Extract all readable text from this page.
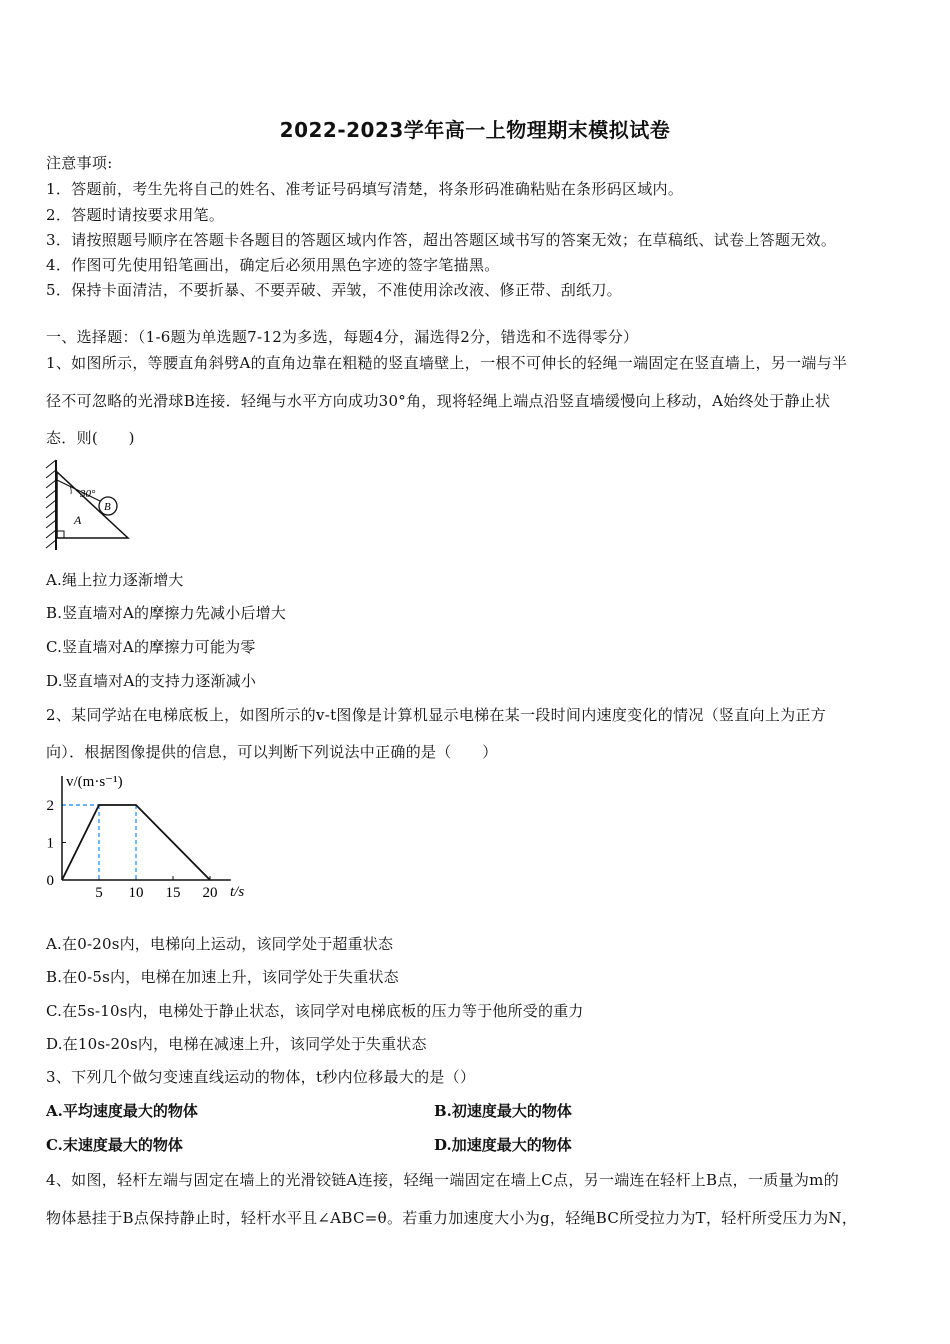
2022-2023学年高一上物理期末模拟试卷
注意事项:
1．答题前，考生先将自己的姓名、准考证号码填写清楚，将条形码准确粘贴在条形码区域内。
2．答题时请按要求用笔。
3．请按照题号顺序在答题卡各题目的答题区域内作答，超出答题区域书写的答案无效；在草稿纸、试卷上答题无效。
4．作图可先使用铅笔画出，确定后必须用黑色字迹的签字笔描黑。
5．保持卡面清洁，不要折暴、不要弄破、弄皱，不准使用涂改液、修正带、刮纸刀。
一、选择题：（1-6题为单选题7-12为多选，每题4分，漏选得2分，错选和不选得零分）
1、如图所示，等腰直角斜劈A的直角边靠在粗糙的竖直墙壁上，一根不可伸长的轻绳一端固定在竖直墙上，另一端与半
径不可忽略的光滑球B连接．轻绳与水平方向成功30°角，现将轻绳上端点沿竖直墙缓慢向上移动，A始终处于静止状
态．则(　　)
30°
B
A
A.绳上拉力逐渐增大
B.竖直墙对A的摩擦力先减小后增大
C.竖直墙对A的摩擦力可能为零
D.竖直墙对A的支持力逐渐减小
2、某同学站在电梯底板上，如图所示的v-t图像是计算机显示电梯在某一段时间内速度变化的情况（竖直向上为正方
向）．根据图像提供的信息，可以判断下列说法中正确的是（　　）
5 10 15 20
0
1
2
v/(m·s⁻¹)
t/s
A.在0-20s内，电梯向上运动，该同学处于超重状态
B.在0-5s内，电梯在加速上升，该同学处于失重状态
C.在5s-10s内，电梯处于静止状态，该同学对电梯底板的压力等于他所受的重力
D.在10s-20s内，电梯在减速上升，该同学处于失重状态
3、下列几个做匀变速直线运动的物体，t秒内位移最大的是（）
A.平均速度最大的物体	B.初速度最大的物体
C.末速度最大的物体	D.加速度最大的物体
4、如图，轻杆左端与固定在墙上的光滑铰链A连接，轻绳一端固定在墙上C点，另一端连在轻杆上B点，一质量为m的
物体悬挂于B点保持静止时，轻杆水平且∠ABC=θ。若重力加速度大小为g，轻绳BC所受拉力为T，轻杆所受压力为N，
